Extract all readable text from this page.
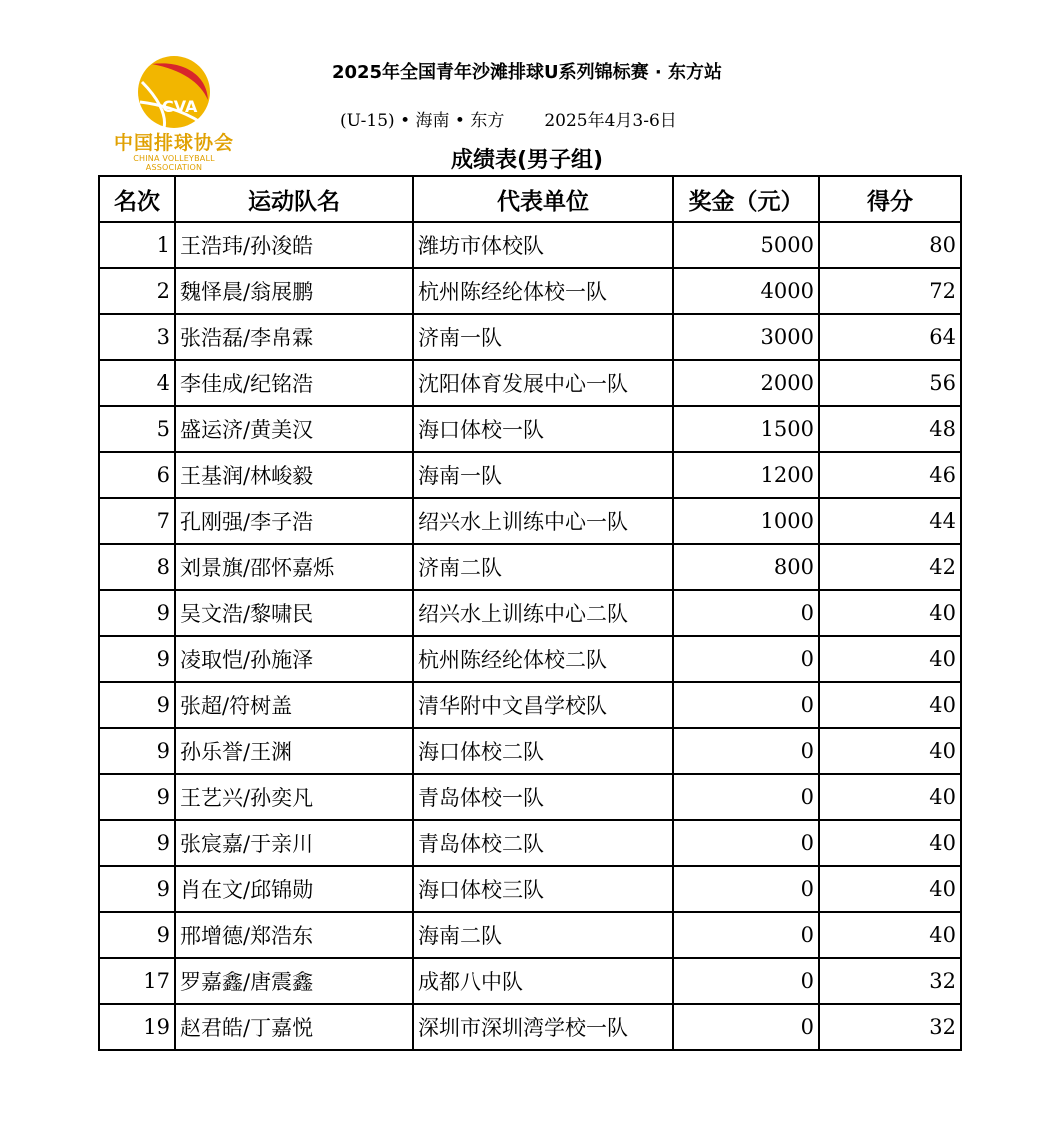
CVA
中国排球协会
CHINA VOLLEYBALL ASSOCIATION
2025年全国青年沙滩排球U系列锦标赛 · 东方站
(U-15) • 海南 • 东方 2025年4月3-6日
成绩表(男子组)
名次	运动队名	代表单位	奖金（元）	得分
1	王浩玮/孙浚皓	潍坊市体校队	5000	80
2	魏怿晨/翁展鹏	杭州陈经纶体校一队	4000	72
3	张浩磊/李帛霖	济南一队	3000	64
4	李佳成/纪铭浩	沈阳体育发展中心一队	2000	56
5	盛运济/黄美汉	海口体校一队	1500	48
6	王基润/林峻毅	海南一队	1200	46
7	孔刚强/李子浩	绍兴水上训练中心一队	1000	44
8	刘景旗/邵怀嘉烁	济南二队	800	42
9	吴文浩/黎啸民	绍兴水上训练中心二队	0	40
9	凌取恺/孙施泽	杭州陈经纶体校二队	0	40
9	张超/符树盖	清华附中文昌学校队	0	40
9	孙乐誉/王渊	海口体校二队	0	40
9	王艺兴/孙奕凡	青岛体校一队	0	40
9	张宸嘉/于亲川	青岛体校二队	0	40
9	肖在文/邱锦勋	海口体校三队	0	40
9	邢增德/郑浩东	海南二队	0	40
17	罗嘉鑫/唐震鑫	成都八中队	0	32
19	赵君皓/丁嘉悦	深圳市深圳湾学校一队	0	32
